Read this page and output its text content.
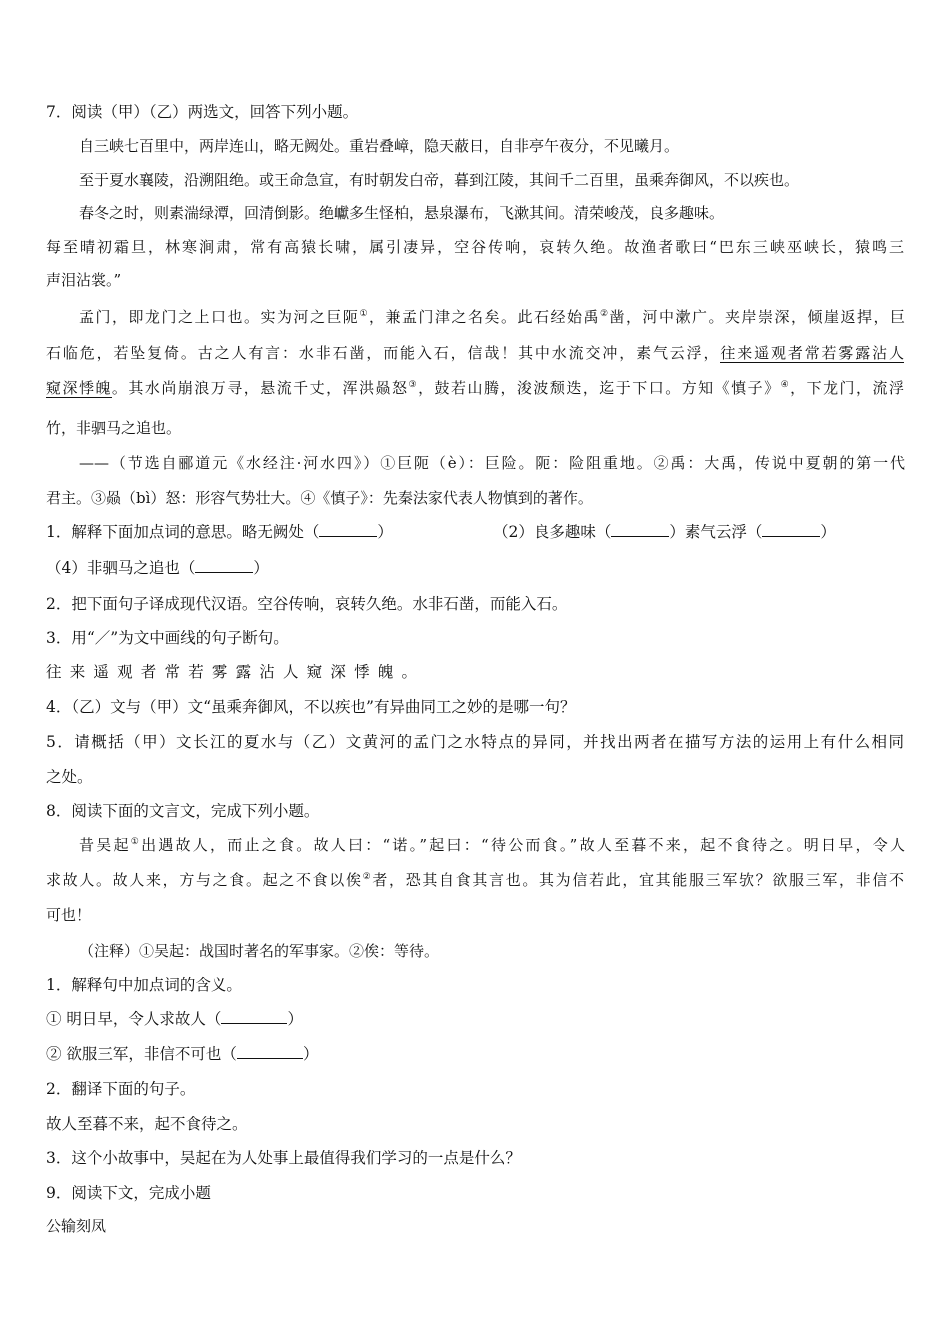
7．阅读（甲）（乙）两选文，回答下列小题。
自三峡七百里中，两岸连山，略无阙处。重岩叠嶂，隐天蔽日，自非亭午夜分，不见曦月。
至于夏水襄陵，沿溯阻绝。或王命急宣，有时朝发白帝，暮到江陵，其间千二百里，虽乘奔御风，不以疾也。
春冬之时，则素湍绿潭，回清倒影。绝巘多生怪柏，悬泉瀑布，飞漱其间。清荣峻茂，良多趣味。
每至晴初霜旦，林寒涧肃，常有高猿长啸，属引凄异，空谷传响，哀转久绝。故渔者歌曰“巴东三峡巫峡长，猿鸣三
声泪沾裳。”
孟门，即龙门之上口也。实为河之巨阨①，兼孟门津之名矣。此石经始禹②凿，河中漱广。夹岸崇深，倾崖返捍，巨
石临危，若坠复倚。古之人有言：水非石凿，而能入石，信哉！其中水流交冲，素气云浮，往来遥观者常若雾露沾人
窥深悸魄。其水尚崩浪万寻，悬流千丈，浑洪赑怒③，鼓若山腾，浚波颓迭，迄于下口。方知《慎子》④，下龙门，流浮
竹，非驷马之追也。
——（节选自郦道元《水经注·河水四》）①巨阨（è）：巨险。阨：险阻重地。②禹：大禹，传说中夏朝的第一代
君主。③赑（bì）怒：形容气势壮大。④《慎子》：先秦法家代表人物慎到的著作。
1．解释下面加点词的意思。略无阙处（	）	（2）良多趣味（	）素气云浮（	）
（4）非驷马之追也（	）
2．把下面句子译成现代汉语。空谷传响，哀转久绝。水非石凿，而能入石。
3．用“／”为文中画线的句子断句。
往来遥观者常若雾露沾人窥深悸魄。
4．（乙）文与（甲）文“虽乘奔御风，不以疾也”有异曲同工之妙的是哪一句？
5．请概括（甲）文长江的夏水与（乙）文黄河的孟门之水特点的异同，并找出两者在描写方法的运用上有什么相同
之处。
8．阅读下面的文言文，完成下列小题。
昔吴起①出遇故人，而止之食。故人曰：“诺。”起曰：“待公而食。”故人至暮不来，起不食待之。明日早，令人
求故人。故人来，方与之食。起之不食以俟②者，恐其自食其言也。其为信若此，宜其能服三军欤？欲服三军，非信不
可也！
（注释）①吴起：战国时著名的军事家。②俟：等待。
1．解释句中加点词的含义。
① 明日早，令人求故人（	）
② 欲服三军，非信不可也（	）
2．翻译下面的句子。
故人至暮不来，起不食待之。
3．这个小故事中，吴起在为人处事上最值得我们学习的一点是什么？
9．阅读下文，完成小题
公输刻凤
